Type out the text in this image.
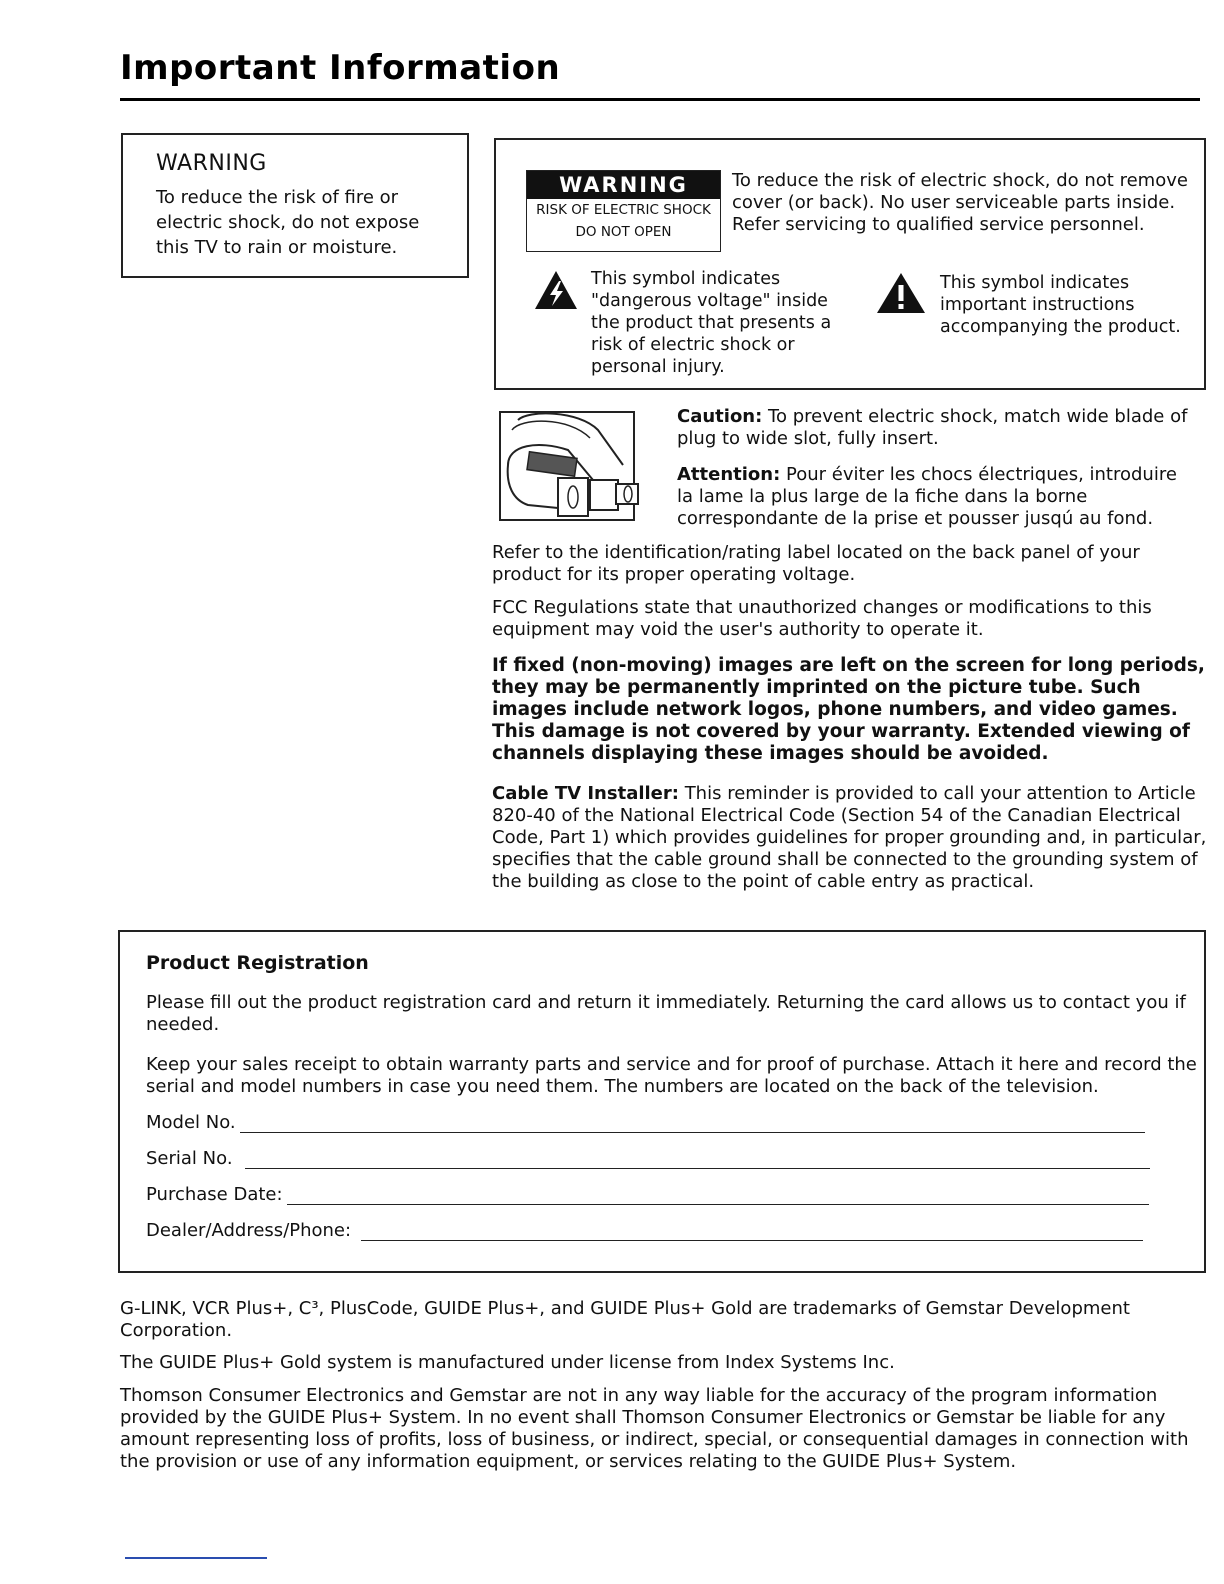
Important Information
WARNING
To reduce the risk of fire or electric shock, do not expose this TV to rain or moisture.
WARNING
RISK OF ELECTRIC SHOCK
DO NOT OPEN
To reduce the risk of electric shock, do not remove cover (or back). No user serviceable parts inside. Refer servicing to qualified service personnel.
This symbol indicates "dangerous voltage" inside the product that presents a risk of electric shock or personal injury.
This symbol indicates important instructions accompanying the product.
Caution: To prevent electric shock, match wide blade of plug to wide slot, fully insert.
Attention: Pour éviter les chocs électriques, introduire la lame la plus large de la fiche dans la borne correspondante de la prise et pousser jusqú au fond.
Refer to the identification/rating label located on the back panel of your product for its proper operating voltage.
FCC Regulations state that unauthorized changes or modifications to this equipment may void the user's authority to operate it.
If fixed (non-moving) images are left on the screen for long periods, they may be permanently imprinted on the picture tube. Such images include network logos, phone numbers, and video games. This damage is not covered by your warranty. Extended viewing of channels displaying these images should be avoided.
Cable TV Installer: This reminder is provided to call your attention to Article 820-40 of the National Electrical Code (Section 54 of the Canadian Electrical Code, Part 1) which provides guidelines for proper grounding and, in particular, specifies that the cable ground shall be connected to the grounding system of the building as close to the point of cable entry as practical.
Product Registration
Please fill out the product registration card and return it immediately. Returning the card allows us to contact you if needed.
Keep your sales receipt to obtain warranty parts and service and for proof of purchase. Attach it here and record the serial and model numbers in case you need them. The numbers are located on the back of the television.
Model No.
Serial No.
Purchase Date:
Dealer/Address/Phone:
G-LINK, VCR Plus+, C³, PlusCode, GUIDE Plus+, and GUIDE Plus+ Gold are trademarks of Gemstar Development Corporation.
The GUIDE Plus+ Gold system is manufactured under license from Index Systems Inc.
Thomson Consumer Electronics and Gemstar are not in any way liable for the accuracy of the program information provided by the GUIDE Plus+ System. In no event shall Thomson Consumer Electronics or Gemstar be liable for any amount representing loss of profits, loss of business, or indirect, special, or consequential damages in connection with the provision or use of any information equipment, or services relating to the GUIDE Plus+ System.
